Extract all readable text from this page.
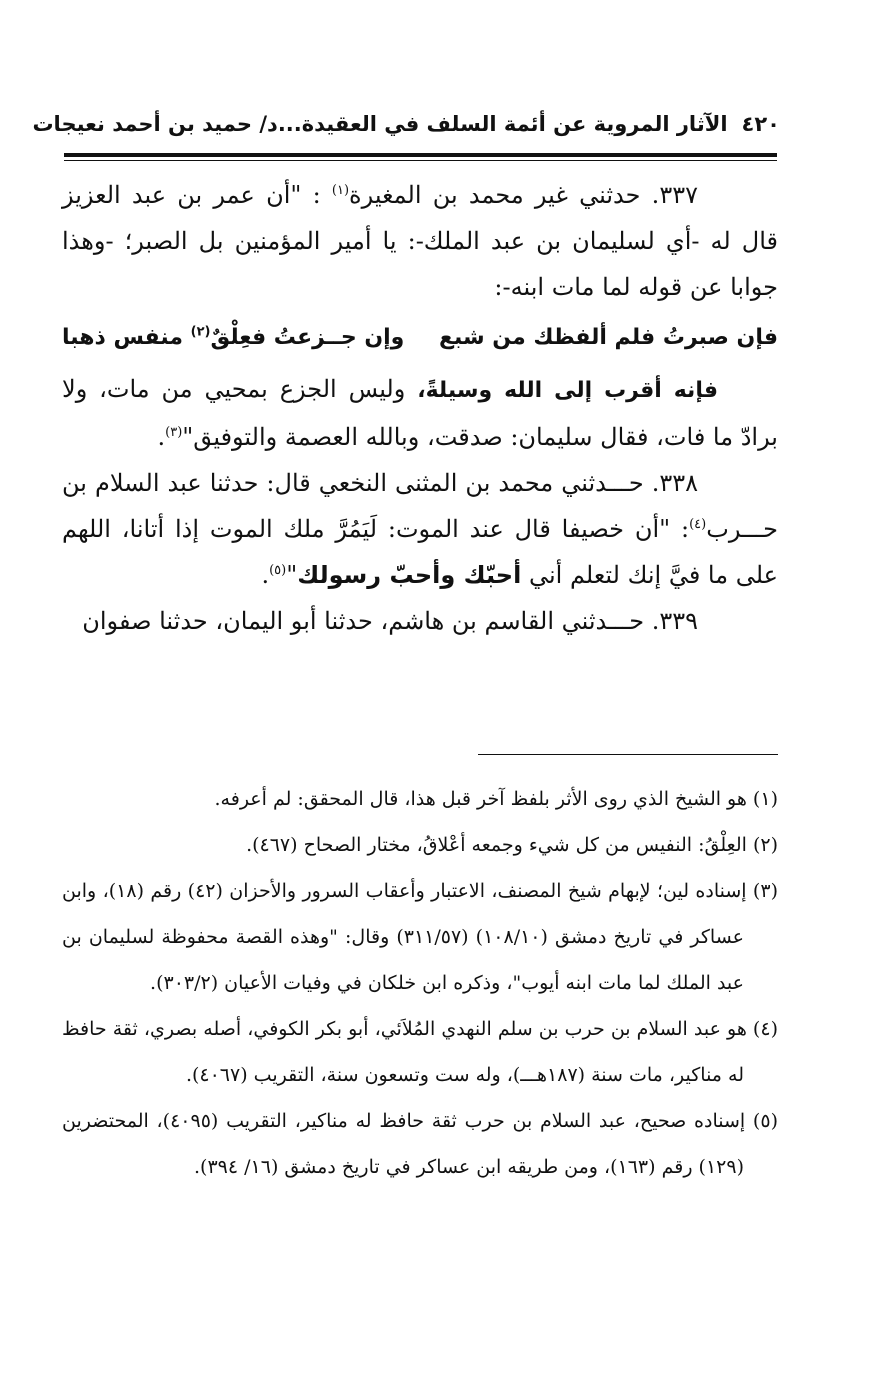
٤٢٠الآثار المروية عن أئمة السلف في العقيدة...د/ حميد بن أحمد نعيجات

٣٣٧. حدثني غير محمد بن المغيرة$^{(١)}$ : "أن عمر بن عبد العزيز قال له -أي لسليمان بن عبد الملك-: يا أمير المؤمنين بل الصبر؛ -وهذا جوابا عن قوله لما مات ابنه-:

فإن صبرتُ فلم ألفظك من شبع
وإن جــزعتُ فعِلْقٌ$^{(٢)}$ منفس ذهبا

فإنه أقرب إلى الله وسيلةً، وليس الجزع بمحيي من مات، ولا برادّ ما فات، فقال سليمان: صدقت، وبالله العصمة والتوفيق"$^{(٣)}$.

٣٣٨. حـــدثني محمد بن المثنى النخعي قال: حدثنا عبد السلام بن حـــرب$^{(٤)}$: "أن خصيفا قال عند الموت: لَيَمُرَّ ملك الموت إذا أتانا، اللهم على ما فيَّ إنك لتعلم أني أحبّك وأحبّ رسولك"$^{(٥)}$.

٣٣٩. حـــدثني القاسم بن هاشم، حدثنا أبو اليمان، حدثنا صفوان

(١) هو الشيخ الذي روى الأثر بلفظ آخر قبل هذا، قال المحقق: لم أعرفه.

(٢) العِلْقُ: النفيس من كل شيء وجمعه أعْلاقُ، مختار الصحاح (٤٦٧).

(٣) إسناده لين؛ لإبهام شيخ المصنف، الاعتبار وأعقاب السرور والأحزان (٤٢) رقم (١٨)، وابن عساكر في تاريخ دمشق (١٠٨/١٠) (٣١١/٥٧) وقال: "وهذه القصة محفوظة لسليمان بن عبد الملك لما مات ابنه أيوب"، وذكره ابن خلكان في وفيات الأعيان (٣٠٣/٢).

(٤) هو عبد السلام بن حرب بن سلم النهدي المُلاَئي، أبو بكر الكوفي، أصله بصري، ثقة حافظ له مناكير، مات سنة (١٨٧هـــ)، وله ست وتسعون سنة، التقريب (٤٠٦٧).

(٥) إسناده صحيح، عبد السلام بن حرب ثقة حافظ له مناكير، التقريب (٤٠٩٥)، المحتضرين (١٢٩) رقم (١٦٣)، ومن طريقه ابن عساكر في تاريخ دمشق (١٦/ ٣٩٤).
